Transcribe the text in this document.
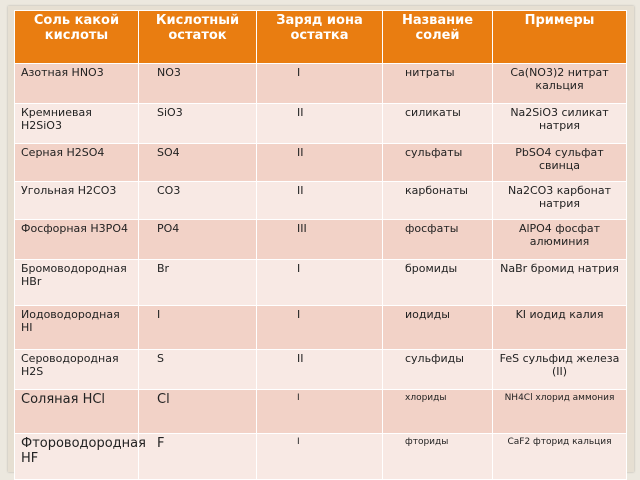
Соль какой кислоты	Кислотный остаток	Заряд иона остатка	Название солей	Примеры
Азотная HNO3	NO3	I	нитраты	Ca(NO3)2 нитрат кальция
Кремниевая H2SiO3	SiO3	II	силикаты	Na2SiO3 силикат натрия
Серная H2SO4	SO4	II	сульфаты	PbSO4 сульфат свинца
Угольная H2CO3	CO3	II	карбонаты	Na2CO3 карбонат натрия
Фосфорная H3PO4	PO4	III	фосфаты	AlPO4 фосфат алюминия
Бромоводородная HBr	Br	I	бромиды	NaBr бромид натрия
Иодоводородная HI	I	I	иодиды	KI иодид калия
Сероводородная H2S	S	II	сульфиды	FeS сульфид железа (II)
Соляная HCl	Cl	I	хлориды	NH4Cl хлорид аммония
Фтороводородная HF	F	I	фториды	CaF2 фторид кальция
